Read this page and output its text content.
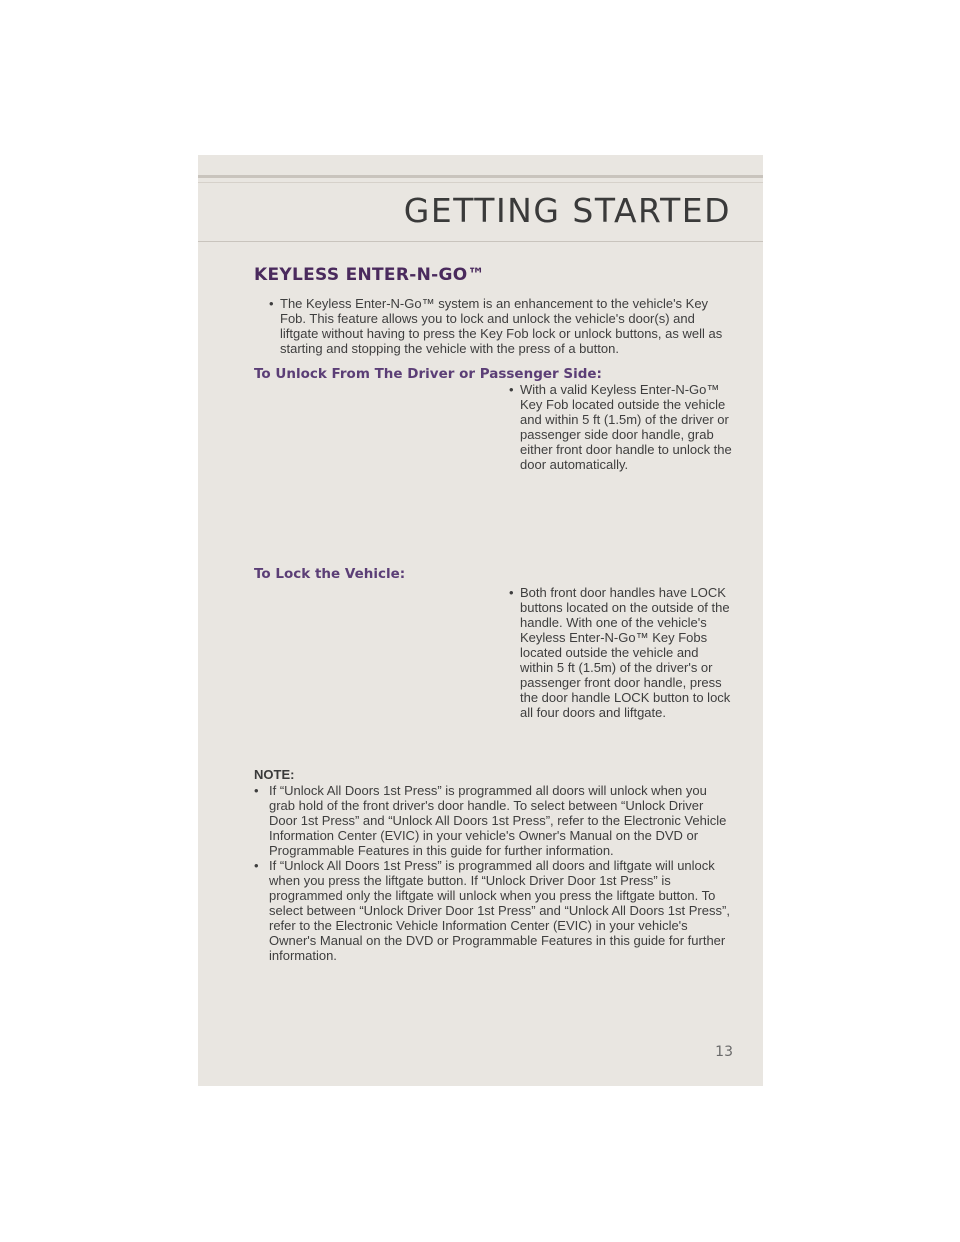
GETTING STARTED
KEYLESS ENTER-N-GO™
• The Keyless Enter-N-Go™ system is an enhancement to the vehicle's Key Fob. This feature allows you to lock and unlock the vehicle's door(s) and liftgate without having to press the Key Fob lock or unlock buttons, as well as starting and stopping the vehicle with the press of a button.
To Unlock From The Driver or Passenger Side:
• With a valid Keyless Enter-N-Go™ Key Fob located outside the vehicle and within 5 ft (1.5m) of the driver or passenger side door handle, grab either front door handle to unlock the door automatically.
To Lock the Vehicle:
• Both front door handles have LOCK buttons located on the outside of the handle. With one of the vehicle's Keyless Enter-N-Go™ Key Fobs located outside the vehicle and within 5 ft (1.5m) of the driver's or passenger front door handle, press the door handle LOCK button to lock all four doors and liftgate.

NOTE:

• If “Unlock All Doors 1st Press” is programmed all doors will unlock when you grab hold of the front driver's door handle. To select between “Unlock Driver Door 1st Press” and “Unlock All Doors 1st Press”, refer to the Electronic Vehicle Information Center (EVIC) in your vehicle's Owner's Manual on the DVD or Programmable Features in this guide for further information.
• If “Unlock All Doors 1st Press” is programmed all doors and liftgate will unlock when you press the liftgate button. If “Unlock Driver Door 1st Press” is programmed only the liftgate will unlock when you press the liftgate button. To select between “Unlock Driver Door 1st Press” and “Unlock All Doors 1st Press”, refer to the Electronic Vehicle Information Center (EVIC) in your vehicle's Owner's Manual on the DVD or Programmable Features in this guide for further information.
13
